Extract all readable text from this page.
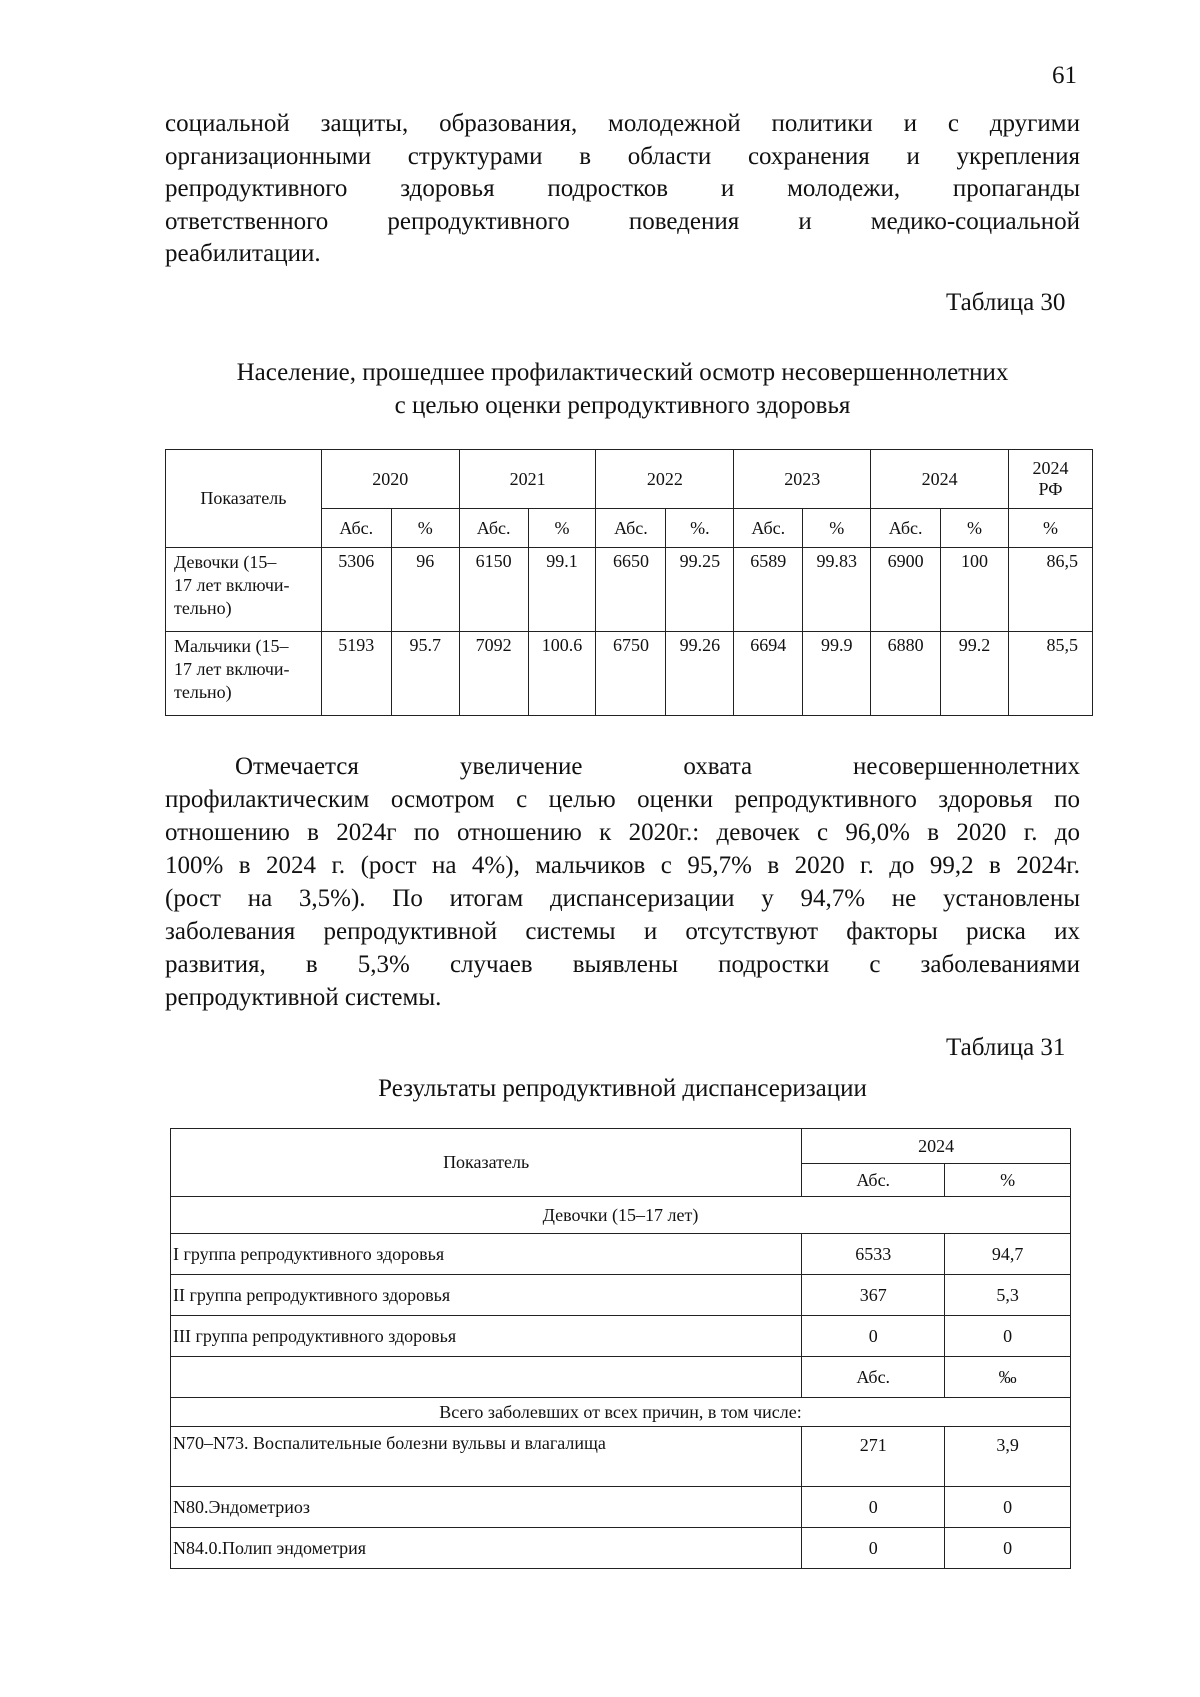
61
социальной защиты, образования, молодежной политики и с другими
организационными структурами в области сохранения и укрепления
репродуктивного здоровья подростков и молодежи, пропаганды
ответственного репродуктивного поведения и медико-социальной
реабилитации.
Таблица 30
Население, прошедшее профилактический осмотр несовершеннолетних
с целью оценки репродуктивного здоровья
Показатель	2020		2021		2022		2023		2024		2024
РФ

	Абс.	%	Абс.	%	Абс.	%.	Абс.	%	Абс.	%	%

Девочки (15–
17 лет включи-
тельно)	5306	96	6150	99.1	6650	99.25	6589	99.83	6900	100	86,5

Мальчики (15–
17 лет включи-
тельно)	5193	95.7	7092	100.6	6750	99.26	6694	99.9	6880	99.2	85,5
Отмечается увеличение охвата несовершеннолетних
профилактическим осмотром с целью оценки репродуктивного здоровья по
отношению в 2024г по отношению к 2020г.: девочек с 96,0% в 2020 г. до
100% в 2024 г. (рост на 4%), мальчиков с 95,7% в 2020 г. до 99,2 в 2024г.
(рост на 3,5%). По итогам диспансеризации у 94,7% не установлены
заболевания репродуктивной системы и отсутствуют факторы риска их
развития, в 5,3% случаев выявлены подростки с заболеваниями
репродуктивной системы.
Таблица 31
Результаты репродуктивной диспансеризации
Показатель	2024	
	Абс.	%
Девочки (15–17 лет)		
I группа репродуктивного здоровья	6533	94,7
II группа репродуктивного здоровья	367	5,3
III группа репродуктивного здоровья	0	0
	Абс.	‰
Всего заболевших от всех причин, в том числе:		
N70–N73. Воспалительные болезни вульвы и влагалища	271	3,9
N80.Эндометриоз	0	0
N84.0.Полип эндометрия	0	0
